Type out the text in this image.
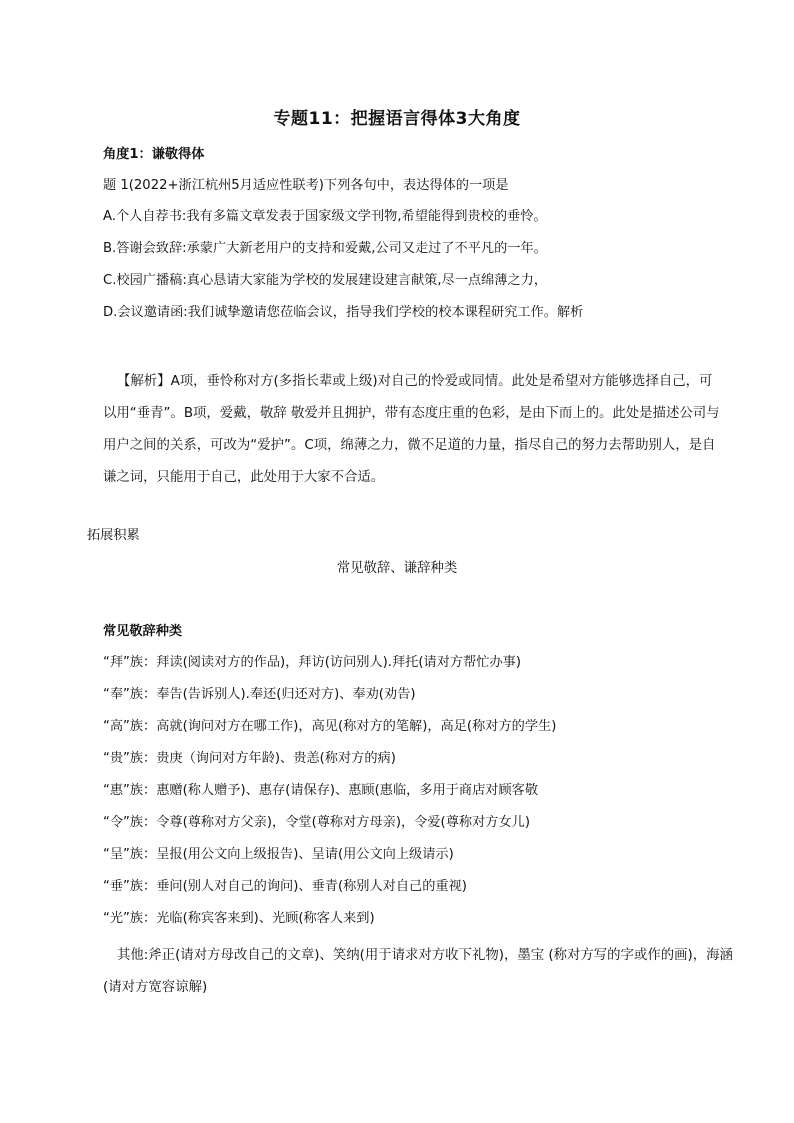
专题11：把握语言得体3大角度
角度1：谦敬得体
题 1(2022+浙江杭州5月适应性联考)下列各句中，表达得体的一项是
A.个人自荐书:我有多篇文章发表于国家级文学刊物,希望能得到贵校的垂怜。
B.答谢会致辞:承蒙广大新老用户的支持和爱戴,公司又走过了不平凡的一年。
C.校园广播稿:真心恳请大家能为学校的发展建设建言献策,尽一点绵薄之力，
D.会议邀请函:我们诚挚邀请您莅临会议，指导我们学校的校本课程研究工作。解析
【解析】A项，垂怜称对方(多指长辈或上级)对自己的怜爱或同情。此处是希望对方能够选择自己，可以用“垂青”。B项，爱戴，敬辞 敬爱并且拥护，带有态度庄重的色彩，是由下而上的。此处是描述公司与用户之间的关系，可改为“爱护”。C项，绵薄之力，微不足道的力量，指尽自己的努力去帮助别人，是自谦之词，只能用于自己，此处用于大家不合适。
拓展积累
常见敬辞、谦辞种类
常见敬辞种类
“拜”族：拜读(阅读对方的作品)，拜访(访问别人).拜托(请对方帮忙办事)
“奉”族：奉告(告诉别人).奉还(归还对方)、奉劝(劝告)
“高”族：高就(询问对方在哪工作)，高见(称对方的笔解)，高足(称对方的学生)
“贵”族：贵庚（询问对方年龄)、贵恙(称对方的病)
“惠”族：惠赠(称人赠予)、惠存(请保存)、惠顾(惠临，多用于商店对顾客敬
“令”族：令尊(尊称对方父亲)，令堂(尊称对方母亲)，令爱(尊称对方女儿)
“呈”族：呈报(用公文向上级报告)、呈请(用公文向上级请示)
“垂”族：垂问(别人对自己的询问)、垂青(称别人对自己的重视)
“光”族：光临(称宾客来到)、光顾(称客人来到)
其他:斧正(请对方母改自己的文章)、笑纳(用于请求对方收下礼物)，墨宝 (称对方写的字或作的画)，海涵(请对方宽容谅解)
